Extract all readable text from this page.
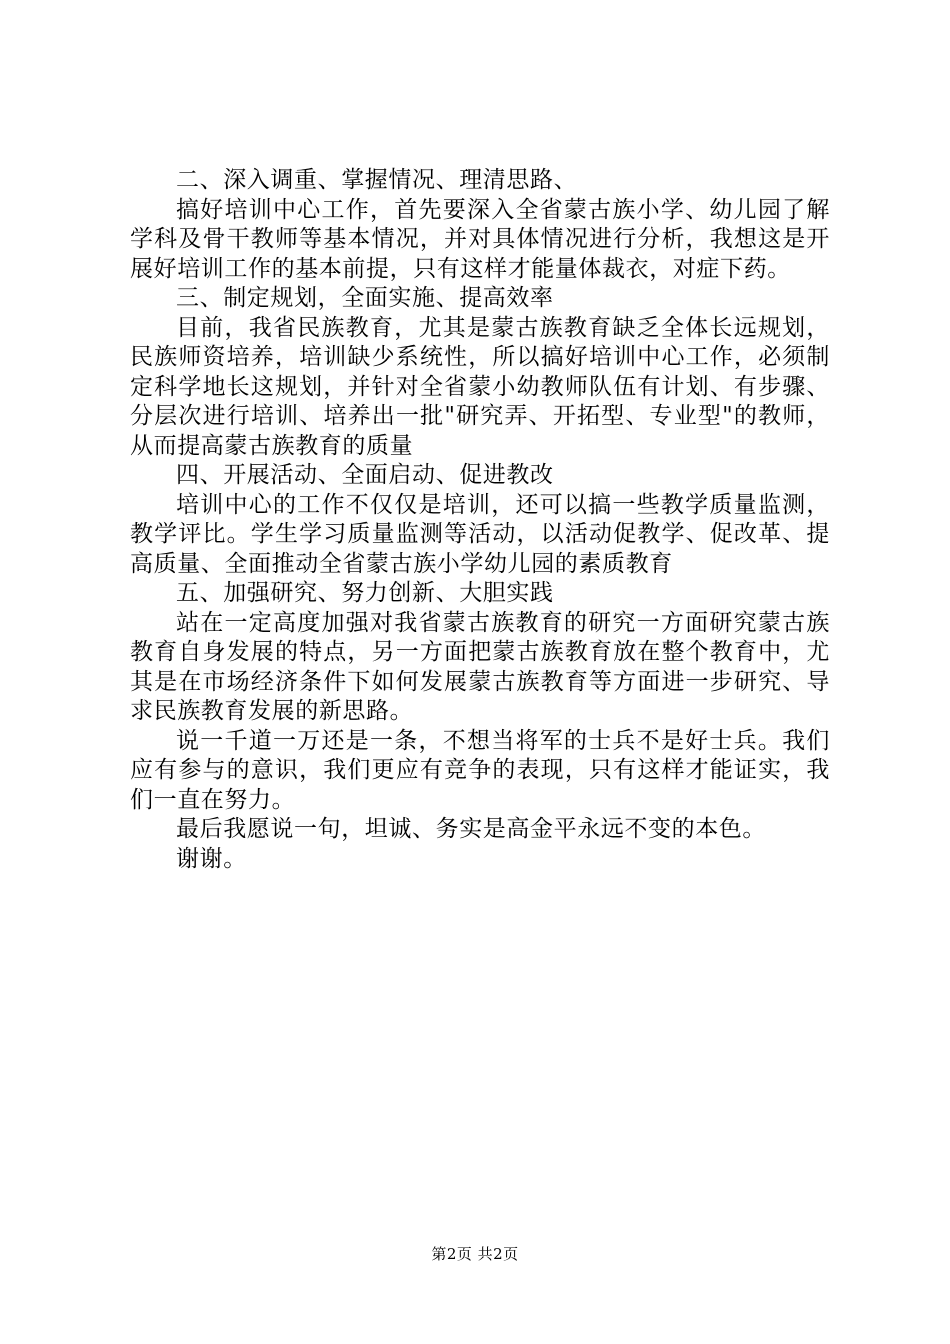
二、深入调重、掌握情况、理清思路、

搞好培训中心工作，首先要深入全省蒙古族小学、幼儿园了解学科及骨干教师等基本情况，并对具体情况进行分析，我想这是开展好培训工作的基本前提，只有这样才能量体裁衣，对症下药。

三、制定规划，全面实施、提高效率

目前，我省民族教育，尤其是蒙古族教育缺乏全体长远规划，民族师资培养，培训缺少系统性，所以搞好培训中心工作，必须制定科学地长这规划，并针对全省蒙小幼教师队伍有计划、有步骤、分层次进行培训、培养出一批"研究弄、开拓型、专业型"的教师，从而提高蒙古族教育的质量

四、开展活动、全面启动、促进教改

培训中心的工作不仅仅是培训，还可以搞一些教学质量监测，教学评比。学生学习质量监测等活动，以活动促教学、促改革、提高质量、全面推动全省蒙古族小学幼儿园的素质教育

五、加强研究、努力创新、大胆实践

站在一定高度加强对我省蒙古族教育的研究一方面研究蒙古族教育自身发展的特点，另一方面把蒙古族教育放在整个教育中，尤其是在市场经济条件下如何发展蒙古族教育等方面进一步研究、导求民族教育发展的新思路。

说一千道一万还是一条，不想当将军的士兵不是好士兵。我们应有参与的意识，我们更应有竞争的表现，只有这样才能证实，我们一直在努力。

最后我愿说一句，坦诚、务实是高金平永远不变的本色。

谢谢。

第2页 共2页
